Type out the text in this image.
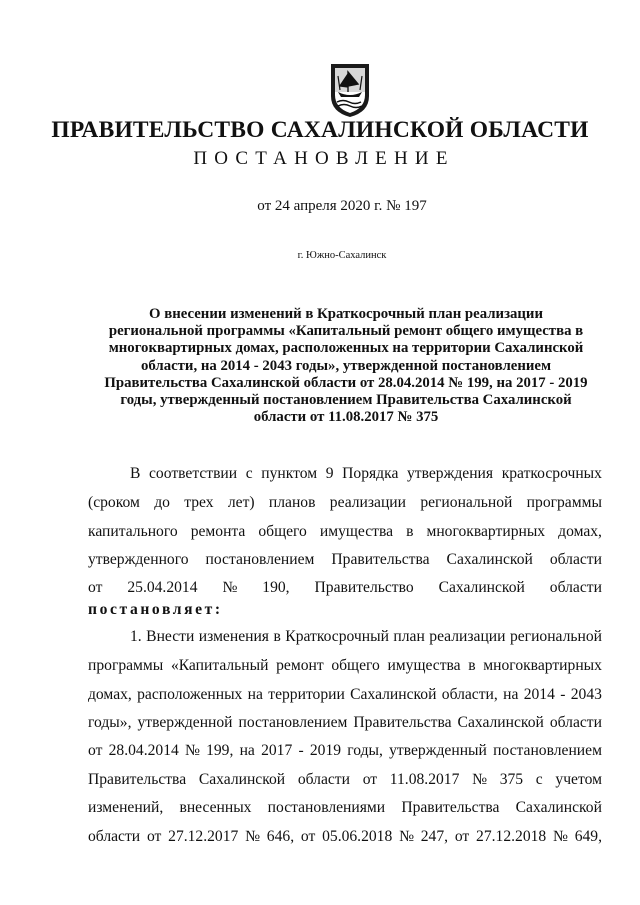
ПРАВИТЕЛЬСТВО САХАЛИНСКОЙ ОБЛАСТИ
ПОСТАНОВЛЕНИЕ
от 24 апреля 2020 г. № 197
г. Южно-Сахалинск
О внесении изменений в Краткосрочный план реализации
региональной программы «Капитальный ремонт общего имущества в
многоквартирных домах, расположенных на территории Сахалинской
области, на 2014 - 2043 годы», утвержденной постановлением
Правительства Сахалинской области от 28.04.2014 № 199, на 2017 - 2019
годы, утвержденный постановлением Правительства Сахалинской
области от 11.08.2017 № 375
В соответствии с пунктом 9 Порядка утверждения краткосрочных
(сроком до трех лет) планов реализации региональной программы
капитального ремонта общего имущества в многоквартирных домах,
утвержденного постановлением Правительства Сахалинской области
от 25.04.2014 № 190, Правительство Сахалинской области
постановляет:
1. Внести изменения в Краткосрочный план реализации региональной
программы «Капитальный ремонт общего имущества в многоквартирных
домах, расположенных на территории Сахалинской области, на 2014 - 2043
годы», утвержденной постановлением Правительства Сахалинской области
от 28.04.2014 № 199, на 2017 - 2019 годы, утвержденный постановлением
Правительства Сахалинской области от 11.08.2017 № 375 с учетом
изменений, внесенных постановлениями Правительства Сахалинской
области от 27.12.2017 № 646, от 05.06.2018 № 247, от 27.12.2018 № 649,
